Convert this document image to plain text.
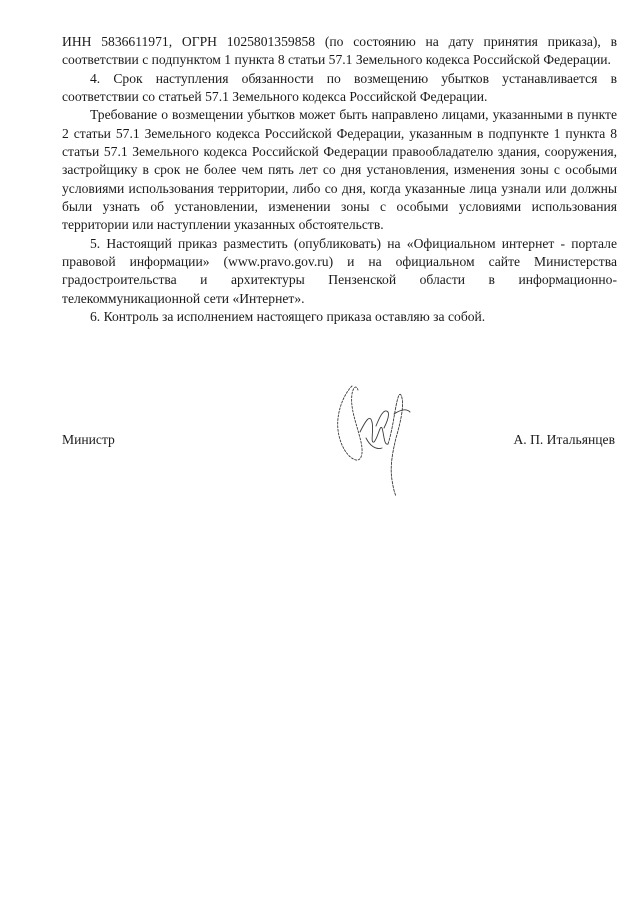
ИНН 5836611971, ОГРН 1025801359858 (по состоянию на дату принятия приказа), в соответствии с подпунктом 1 пункта 8 статьи 57.1 Земельного кодекса Российской Федерации.

4. Срок наступления обязанности по возмещению убытков устанавливается в соответствии со статьей 57.1 Земельного кодекса Российской Федерации.

Требование о возмещении убытков может быть направлено лицами, указанными в пункте 2 статьи 57.1 Земельного кодекса Российской Федерации, указанным в подпункте 1 пункта 8 статьи 57.1 Земельного кодекса Российской Федерации правообладателю здания, сооружения, застройщику в срок не более чем пять лет со дня установления, изменения зоны с особыми условиями использования территории, либо со дня, когда указанные лица узнали или должны были узнать об установлении, изменении зоны с особыми условиями использования территории или наступлении указанных обстоятельств.

5. Настоящий приказ разместить (опубликовать) на «Официальном интернет - портале правовой информации» (www.pravo.gov.ru) и на официальном сайте Министерства градостроительства и архитектуры Пензенской области в информационно-телекоммуникационной сети «Интернет».

6. Контроль за исполнением настоящего приказа оставляю за собой.

Министр	А. П. Итальянцев
